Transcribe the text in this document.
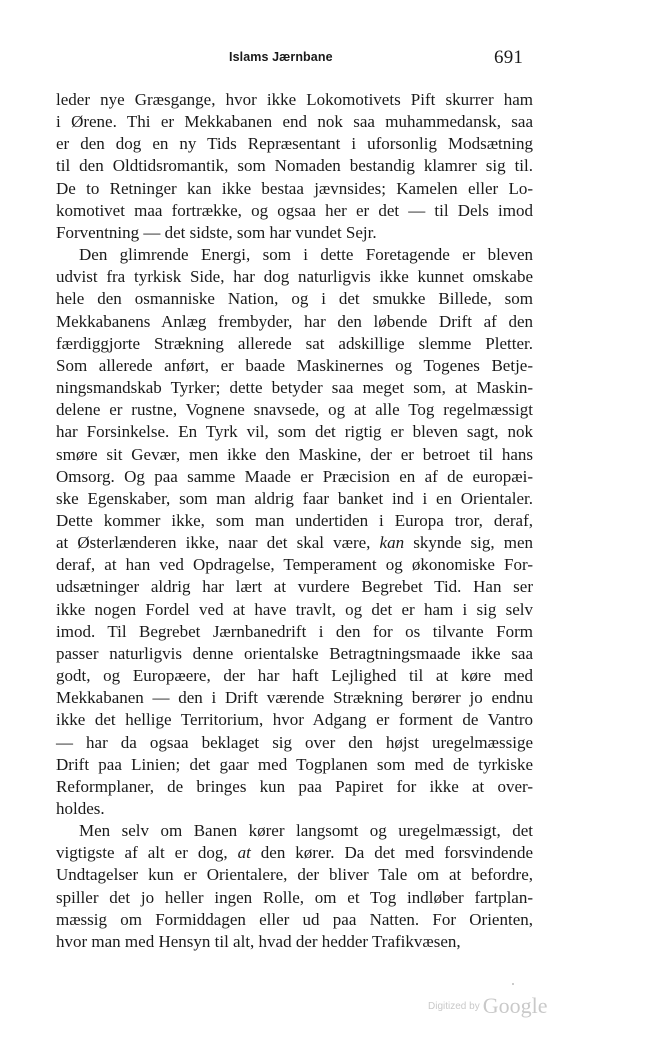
Islams Jærnbane	691

leder nye Græsgange, hvor ikke Lokomotivets Pift skurrer ham
i Ørene. Thi er Mekkabanen end nok saa muhammedansk, saa
er den dog en ny Tids Repræsentant i uforsonlig Modsætning
til den Oldtidsromantik, som Nomaden bestandig klamrer sig til.
De to Retninger kan ikke bestaa jævnsides; Kamelen eller Lo-
komotivet maa fortrække, og ogsaa her er det — til Dels imod
Forventning — det sidste, som har vundet Sejr.

Den glimrende Energi, som i dette Foretagende er bleven
udvist fra tyrkisk Side, har dog naturligvis ikke kunnet omskabe
hele den osmanniske Nation, og i det smukke Billede, som
Mekkabanens Anlæg frembyder, har den løbende Drift af den
færdiggjorte Strækning allerede sat adskillige slemme Pletter.
Som allerede anført, er baade Maskinernes og Togenes Betje-
ningsmandskab Tyrker; dette betyder saa meget som, at Maskin-
delene er rustne, Vognene snavsede, og at alle Tog regelmæssigt
har Forsinkelse. En Tyrk vil, som det rigtig er bleven sagt, nok
smøre sit Gevær, men ikke den Maskine, der er betroet til hans
Omsorg. Og paa samme Maade er Præcision en af de europæi-
ske Egenskaber, som man aldrig faar banket ind i en Orientaler.
Dette kommer ikke, som man undertiden i Europa tror, deraf,
at Østerlænderen ikke, naar det skal være, kan skynde sig, men
deraf, at han ved Opdragelse, Temperament og økonomiske For-
udsætninger aldrig har lært at vurdere Begrebet Tid. Han ser
ikke nogen Fordel ved at have travlt, og det er ham i sig selv
imod. Til Begrebet Jærnbanedrift i den for os tilvante Form
passer naturligvis denne orientalske Betragtningsmaade ikke saa
godt, og Europæere, der har haft Lejlighed til at køre med
Mekkabanen — den i Drift værende Strækning berører jo endnu
ikke det hellige Territorium, hvor Adgang er forment de Vantro
— har da ogsaa beklaget sig over den højst uregelmæssige
Drift paa Linien; det gaar med Togplanen som med de tyrkiske
Reformplaner, de bringes kun paa Papiret for ikke at over-
holdes.

Men selv om Banen kører langsomt og uregelmæssigt, det
vigtigste af alt er dog, at den kører. Da det med forsvindende
Undtagelser kun er Orientalere, der bliver Tale om at befordre,
spiller det jo heller ingen Rolle, om et Tog indløber fartplan-
mæssig om Formiddagen eller ud paa Natten. For Orienten,
hvor man med Hensyn til alt, hvad der hedder Trafikvæsen,

$^{Digitized by}$ Google
